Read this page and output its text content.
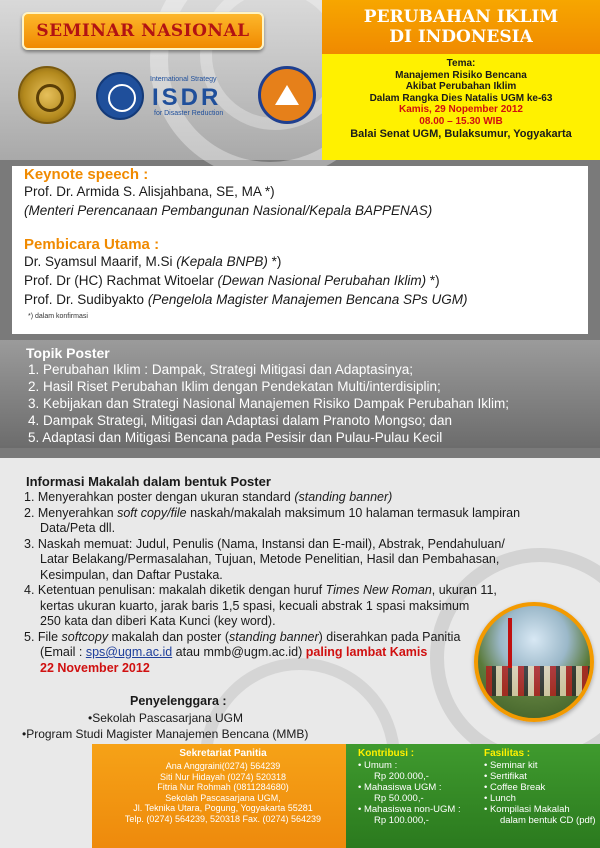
SEMINAR NASIONAL
International Strategy
ISDR
for Disaster Reduction
PERUBAHAN IKLIM
DI INDONESIA
Tema:
Manajemen Risiko Bencana
Akibat Perubahan Iklim
Dalam Rangka Dies Natalis UGM ke-63
Kamis, 29 Nopember 2012
08.00 – 15.30 WIB
Balai Senat UGM, Bulaksumur, Yogyakarta
Keynote speech :
Prof. Dr. Armida S. Alisjahbana, SE, MA *)
(Menteri Perencanaan Pembangunan Nasional/Kepala BAPPENAS)
Pembicara Utama :
Dr. Syamsul Maarif, M.Si (Kepala BNPB) *)
Prof. Dr (HC) Rachmat Witoelar (Dewan Nasional Perubahan Iklim) *)
Prof. Dr. Sudibyakto (Pengelola Magister Manajemen Bencana SPs UGM)
*) dalam konfirmasi
Topik Poster
1. Perubahan Iklim : Dampak, Strategi Mitigasi dan Adaptasinya;
2. Hasil Riset Perubahan Iklim dengan Pendekatan Multi/interdisiplin;
3. Kebijakan dan Strategi Nasional Manajemen Risiko Dampak Perubahan Iklim;
4. Dampak Strategi, Mitigasi dan Adaptasi dalam Pranoto Mongso; dan
5. Adaptasi dan Mitigasi Bencana pada Pesisir dan Pulau-Pulau Kecil
Informasi Makalah dalam bentuk Poster
1. Menyerahkan poster dengan ukuran standard (standing banner)
2. Menyerahkan soft copy/file naskah/makalah maksimum 10 halaman termasuk lampiran
Data/Peta dll.
3. Naskah memuat: Judul, Penulis (Nama, Instansi dan E-mail), Abstrak, Pendahuluan/
Latar Belakang/Permasalahan, Tujuan, Metode Penelitian, Hasil dan Pembahasan,
Kesimpulan, dan Daftar Pustaka.
4. Ketentuan penulisan: makalah diketik dengan huruf Times New Roman, ukuran 11,
kertas ukuran kuarto, jarak baris 1,5 spasi, kecuali abstrak 1 spasi maksimum
250 kata dan diberi Kata Kunci (key word).
5. File softcopy makalah dan poster (standing banner) diserahkan pada Panitia
(Email : sps@ugm.ac.id atau mmb@ugm.ac.id) paling lambat Kamis
22 November 2012
Penyelenggara :
•Sekolah Pascasarjana UGM
•Program Studi Magister Manajemen Bencana (MMB)
Sekretariat Panitia
Ana Anggraini(0274) 564239
Siti Nur Hidayah (0274) 520318
Fitria Nur Rohmah (0811284680)
Sekolah Pascasarjana UGM,
Jl. Teknika Utara, Pogung, Yogyakarta 55281
Telp. (0274) 564239, 520318 Fax. (0274) 564239
Kontribusi :
• Umum :
Rp 200.000,-
• Mahasiswa UGM :
Rp 50.000,-
• Mahasiswa non-UGM :
Rp 100.000,-
Fasilitas :
• Seminar kit
• Sertifikat
• Coffee Break
• Lunch
• Kompilasi Makalah
dalam bentuk CD (pdf)
